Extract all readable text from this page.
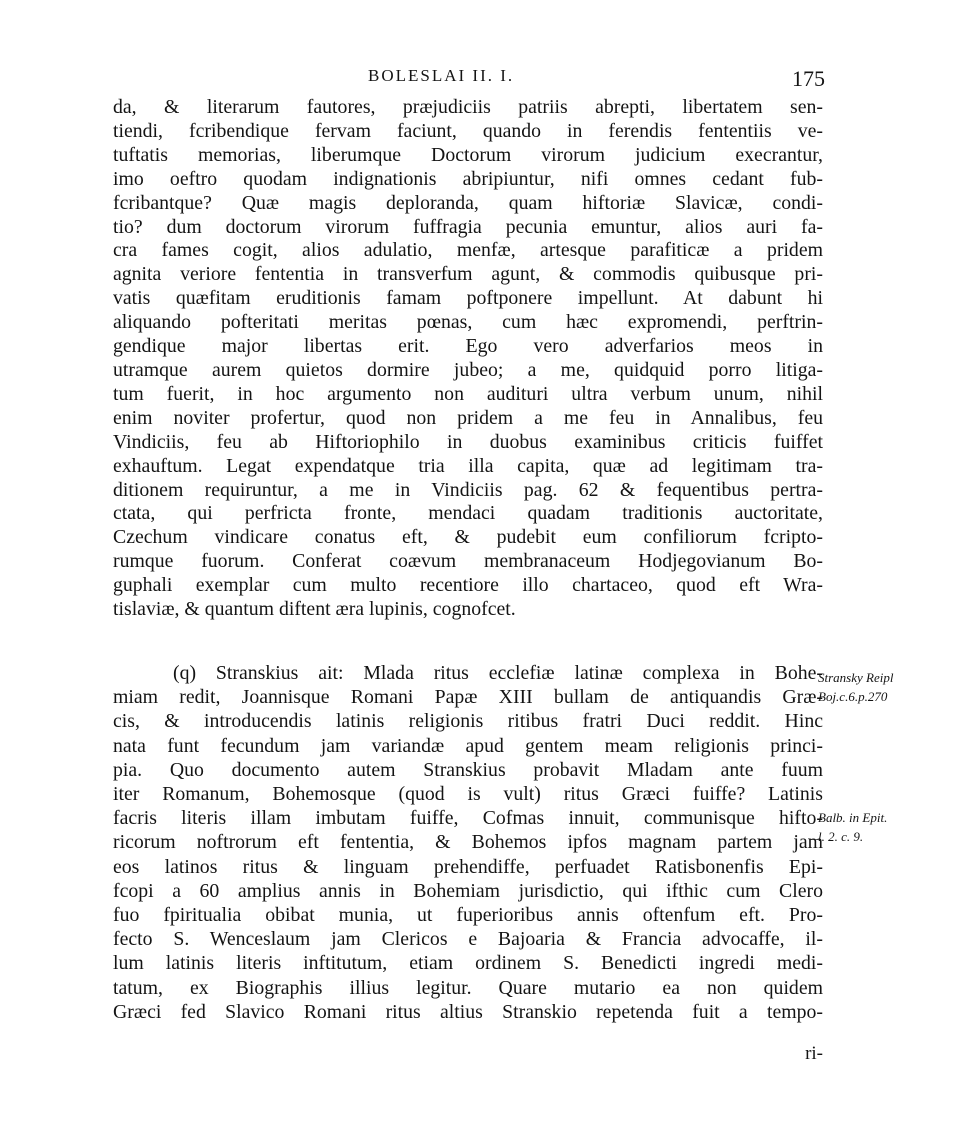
BOLESLAI II. I.	175
da, & literarum fautores, præjudiciis patriis abrepti, libertatem sen-
tiendi, fcribendique fervam faciunt, quando in ferendis fententiis ve-
tuftatis memorias, liberumque Doctorum virorum judicium execrantur,
imo oeftro quodam indignationis abripiuntur, nifi omnes cedant fub-
fcribantque? Quæ magis deploranda, quam hiftoriæ Slavicæ, condi-
tio? dum doctorum virorum fuffragia pecunia emuntur, alios auri fa-
cra fames cogit, alios adulatio, menfæ, artesque parafiticæ a pridem
agnita veriore fententia in transverfum agunt, & commodis quibusque pri-
vatis quæfitam eruditionis famam poftponere impellunt. At dabunt hi
aliquando pofteritati meritas pœnas, cum hæc expromendi, perftrin-
gendique major libertas erit. Ego vero adverfarios meos in
utramque aurem quietos dormire jubeo; a me, quidquid porro litiga-
tum fuerit, in hoc argumento non audituri ultra verbum unum, nihil
enim noviter profertur, quod non pridem a me feu in Annalibus, feu
Vindiciis, feu ab Hiftoriophilo in duobus examinibus criticis fuiffet
exhauftum. Legat expendatque tria illa capita, quæ ad legitimam tra-
ditionem requiruntur, a me in Vindiciis pag. 62 & fequentibus pertra-
ctata, qui perfricta fronte, mendaci quadam traditionis auctoritate,
Czechum vindicare conatus eft, & pudebit eum confiliorum fcripto-
rumque fuorum. Conferat coævum membranaceum Hodjegovianum Bo-
guphali exemplar cum multo recentiore illo chartaceo, quod eft Wra-
tislaviæ, & quantum diftent æra lupinis, cognofcet.
(q) Stranskius ait: Mlada ritus ecclefiæ latinæ complexa in Bohe-
miam redit, Joannisque Romani Papæ XIII bullam de antiquandis Græ-
cis, & introducendis latinis religionis ritibus fratri Duci reddit. Hinc
nata funt fecundum jam variandæ apud gentem meam religionis princi-
pia. Quo documento autem Stranskius probavit Mladam ante fuum
iter Romanum, Bohemosque (quod is vult) ritus Græci fuiffe? Latinis
facris literis illam imbutam fuiffe, Cofmas innuit, communisque hifto-
ricorum noftrorum eft fententia, & Bohemos ipfos magnam partem jam
eos latinos ritus & linguam prehendiffe, perfuadet Ratisbonenfis Epi-
fcopi a 60 amplius annis in Bohemiam jurisdictio, qui ifthic cum Clero
fuo fpiritualia obibat munia, ut fuperioribus annis oftenfum eft. Pro-
fecto S. Wenceslaum jam Clericos e Bajoaria & Francia advocaffe, il-
lum latinis literis inftitutum, etiam ordinem S. Benedicti ingredi medi-
tatum, ex Biographis illius legitur. Quare mutario ea non quidem
Græci fed Slavico Romani ritus altius Stranskio repetenda fuit a tempo-
Stransky Reipl
Boj.c.6.p.270
Balb. in Epit.
l. 2. c. 9.
ri-
